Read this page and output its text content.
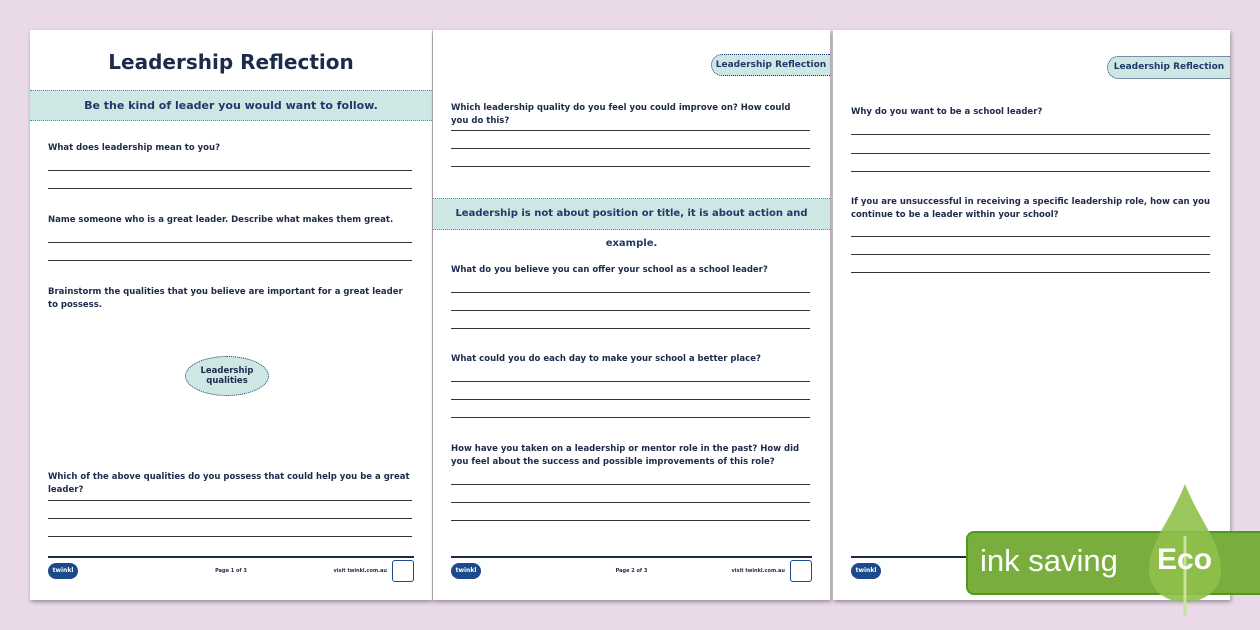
Leadership Reflection
Be the kind of leader you would want to follow.
What does leadership mean to you?
Name someone who is a great leader. Describe what makes them great.
Brainstorm the qualities that you believe are important for a great leader to possess.
Leadership qualities
Which of the above qualities do you possess that could help you be a great leader?
twinkl	Page 1 of 3	visit twinkl.com.au
Leadership Reflection
Which leadership quality do you feel you could improve on? How could you do this?
Leadership is not about position or title, it is about action and example.
What do you believe you can offer your school as a school leader?
What could you do each day to make your school a better place?
How have you taken on a leadership or mentor role in the past? How did you feel about the success and possible improvements of this role?
twinkl	Page 2 of 3	visit twinkl.com.au
Leadership Reflection
Why do you want to be a school leader?
If you are unsuccessful in receiving a specific leadership role, how can you continue to be a leader within your school?
twinkl	ink saving Eco
